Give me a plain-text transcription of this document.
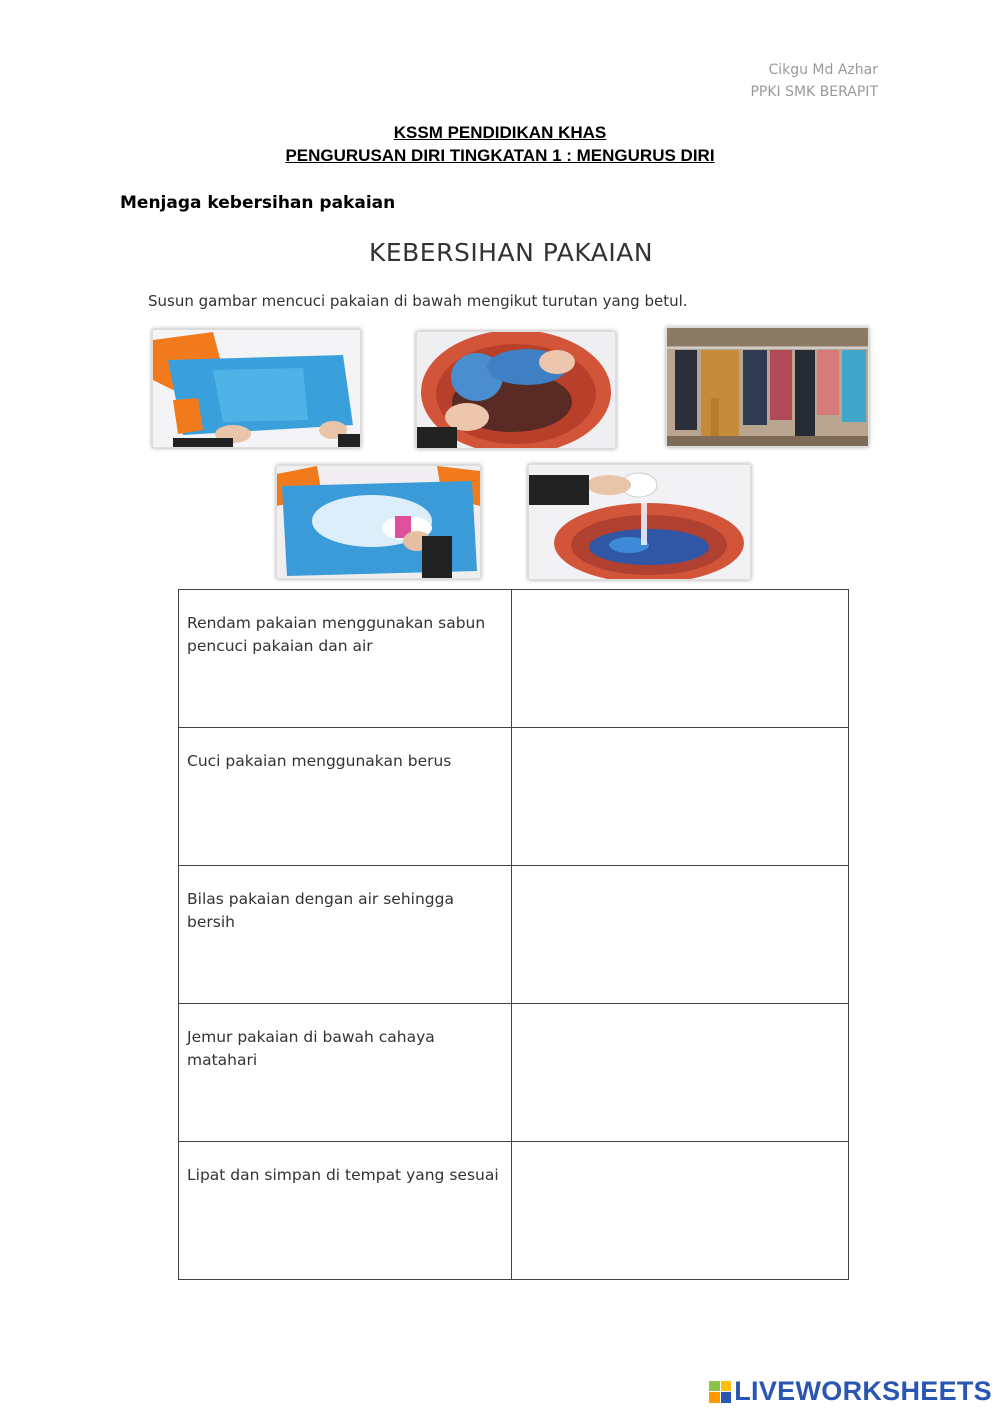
Cikgu Md Azhar
PPKI SMK BERAPIT
KSSM PENDIDIKAN KHAS
PENGURUSAN DIRI TINGKATAN 1 : MENGURUS DIRI
Menjaga kebersihan pakaian
KEBERSIHAN PAKAIAN
Susun gambar mencuci pakaian di bawah mengikut turutan yang betul.
Rendam pakaian menggunakan sabun pencuci pakaian dan air	
Cuci pakaian menggunakan berus	
Bilas pakaian dengan air sehingga bersih	
Jemur pakaian di bawah cahaya matahari	
Lipat dan simpan di tempat yang sesuai	
LIVEWORKSHEETS
